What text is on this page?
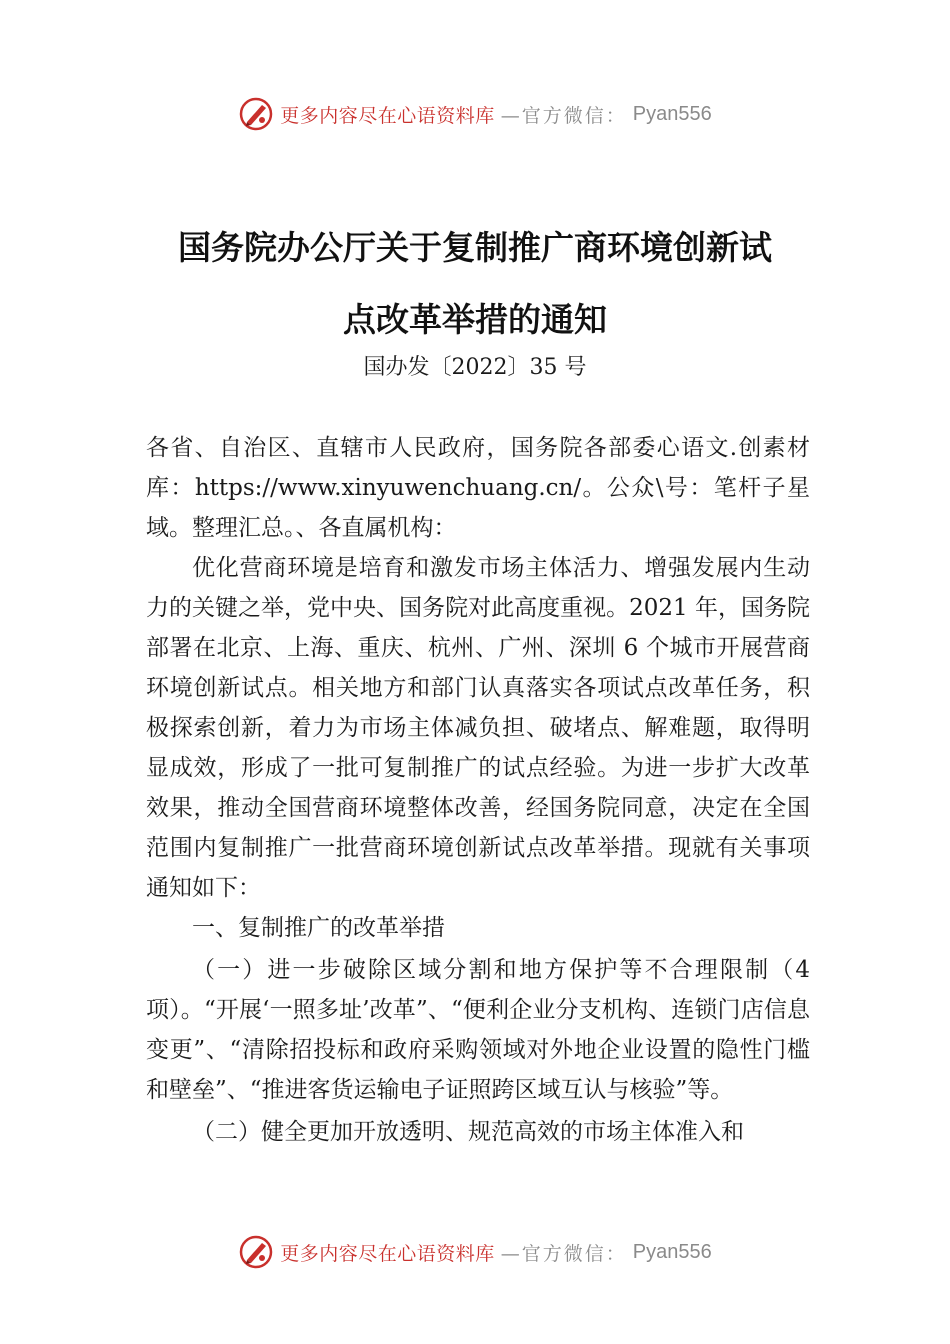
更多内容尽在心语资料库 —官方微信： Pyan556
国务院办公厅关于复制推广商环境创新试
点改革举措的通知

国办发〔2022〕35 号

各省、自治区、直辖市人民政府，国务院各部委心语文.创素材库：https://www.xinyuwenchuang.cn/。公众\号：笔杆子星域。整理汇总。、各直属机构：

优化营商环境是培育和激发市场主体活力、增强发展内生动力的关键之举，党中央、国务院对此高度重视。2021 年，国务院部署在北京、上海、重庆、杭州、广州、深圳 6 个城市开展营商环境创新试点。相关地方和部门认真落实各项试点改革任务，积极探索创新，着力为市场主体减负担、破堵点、解难题，取得明显成效，形成了一批可复制推广的试点经验。为进一步扩大改革效果，推动全国营商环境整体改善，经国务院同意，决定在全国范围内复制推广一批营商环境创新试点改革举措。现就有关事项通知如下：

一、复制推广的改革举措

（一）进一步破除区域分割和地方保护等不合理限制（4 项）。“开展‘一照多址’改革”、“便利企业分支机构、连锁门店信息变更”、“清除招投标和政府采购领域对外地企业设置的隐性门槛和壁垒”、“推进客货运输电子证照跨区域互认与核验”等。

（二）健全更加开放透明、规范高效的市场主体准入和

更多内容尽在心语资料库 —官方微信： Pyan556
